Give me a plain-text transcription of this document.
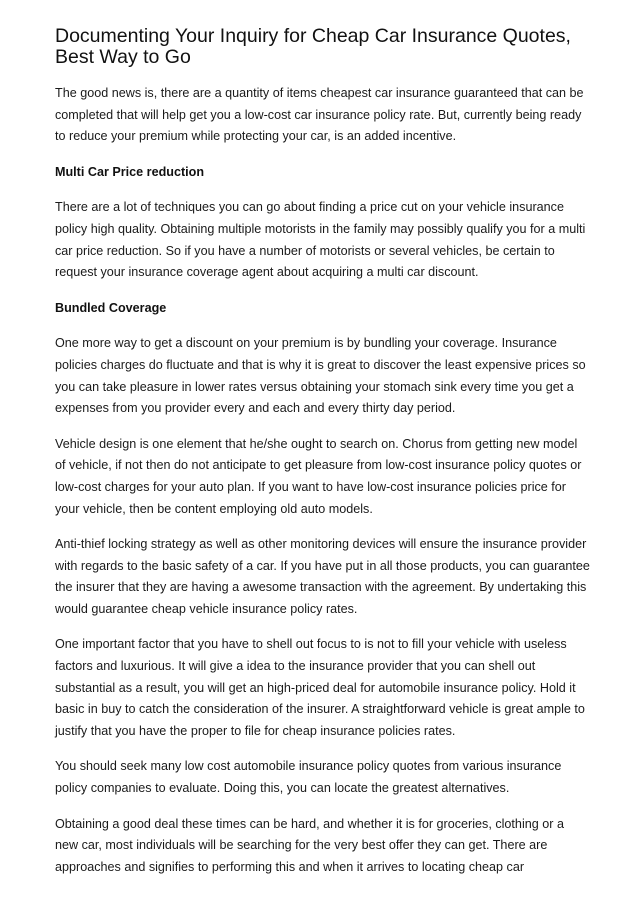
Documenting Your Inquiry for Cheap Car Insurance Quotes, Best Way to Go

The good news is, there are a quantity of items cheapest car insurance guaranteed that can be completed that will help get you a low-cost car insurance policy rate. But, currently being ready to reduce your premium while protecting your car, is an added incentive.

Multi Car Price reduction

There are a lot of techniques you can go about finding a price cut on your vehicle insurance policy high quality. Obtaining multiple motorists in the family may possibly qualify you for a multi car price reduction. So if you have a number of motorists or several vehicles, be certain to request your insurance coverage agent about acquiring a multi car discount.

Bundled Coverage

One more way to get a discount on your premium is by bundling your coverage. Insurance policies charges do fluctuate and that is why it is great to discover the least expensive prices so you can take pleasure in lower rates versus obtaining your stomach sink every time you get a expenses from you provider every and each and every thirty day period.

Vehicle design is one element that he/she ought to search on. Chorus from getting new model of vehicle, if not then do not anticipate to get pleasure from low-cost insurance policy quotes or low-cost charges for your auto plan. If you want to have low-cost insurance policies price for your vehicle, then be content employing old auto models.

Anti-thief locking strategy as well as other monitoring devices will ensure the insurance provider with regards to the basic safety of a car. If you have put in all those products, you can guarantee the insurer that they are having a awesome transaction with the agreement. By undertaking this would guarantee cheap vehicle insurance policy rates.

One important factor that you have to shell out focus to is not to fill your vehicle with useless factors and luxurious. It will give a idea to the insurance provider that you can shell out substantial as a result, you will get an high-priced deal for automobile insurance policy. Hold it basic in buy to catch the consideration of the insurer. A straightforward vehicle is great ample to justify that you have the proper to file for cheap insurance policies rates.

You should seek many low cost automobile insurance policy quotes from various insurance policy companies to evaluate. Doing this, you can locate the greatest alternatives.

Obtaining a good deal these times can be hard, and whether it is for groceries, clothing or a new car, most individuals will be searching for the very best offer they can get. There are approaches and signifies to performing this and when it arrives to locating cheap car
